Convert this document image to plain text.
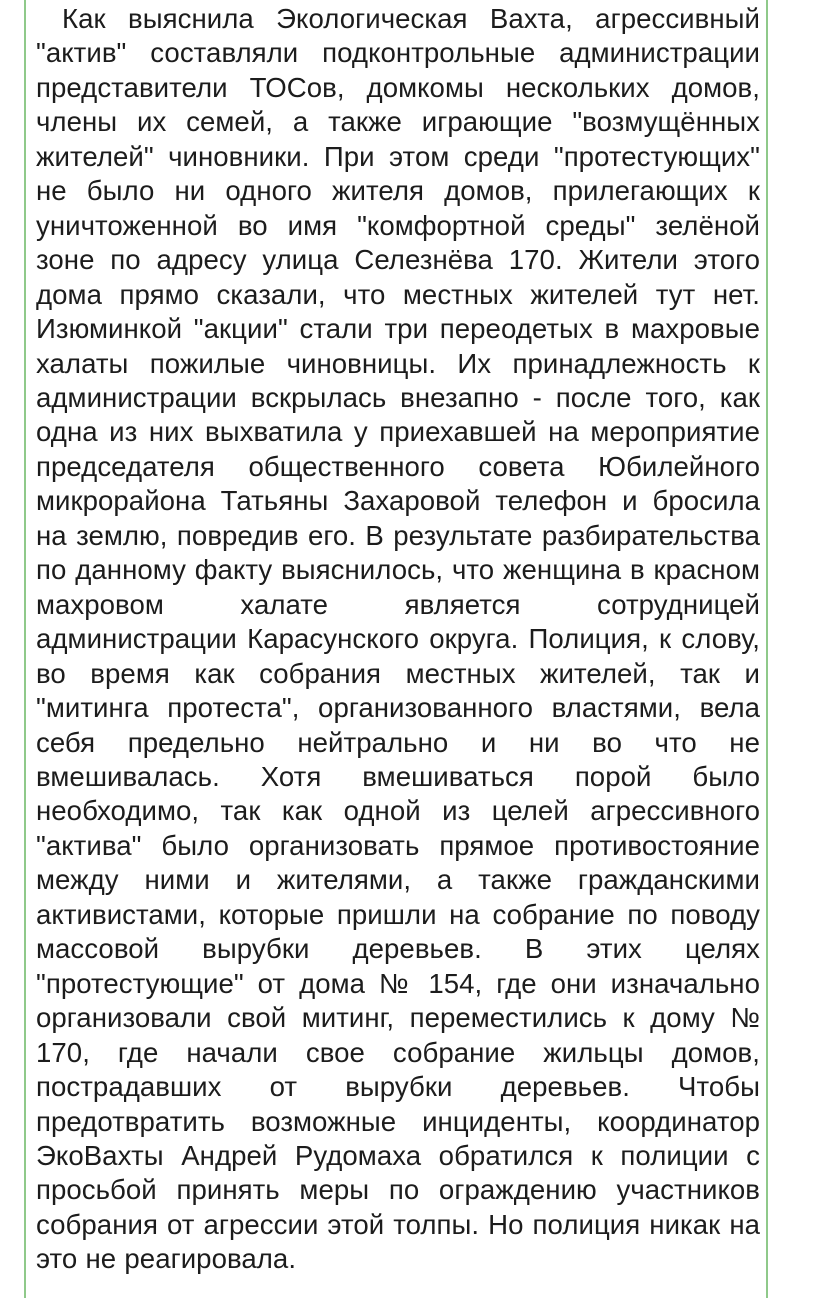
Как выяснила Экологическая Вахта, агрессивный "актив" составляли подконтрольные администрации представители ТОСов, домкомы нескольких домов, члены их семей, а также играющие "возмущённых жителей" чиновники. При этом среди "протестующих" не было ни одного жителя домов, прилегающих к уничтоженной во имя "комфортной среды" зелёной зоне по адресу улица Селезнёва 170. Жители этого дома прямо сказали, что местных жителей тут нет. Изюминкой "акции" стали три переодетых в махровые халаты пожилые чиновницы. Их принадлежность к администрации вскрылась внезапно - после того, как одна из них выхватила у приехавшей на мероприятие председателя общественного совета Юбилейного микрорайона Татьяны Захаровой телефон и бросила на землю, повредив его. В результате разбирательства по данному факту выяснилось, что женщина в красном махровом халате является сотрудницей администрации Карасунского округа. Полиция, к слову, во время как собрания местных жителей, так и "митинга протеста", организованного властями, вела себя предельно нейтрально и ни во что не вмешивалась. Хотя вмешиваться порой было необходимо, так как одной из целей агрессивного "актива" было организовать прямое противостояние между ними и жителями, а также гражданскими активистами, которые пришли на собрание по поводу массовой вырубки деревьев. В этих целях "протестующие" от дома № 154, где они изначально организовали свой митинг, переместились к дому № 170, где начали свое собрание жильцы домов, пострадавших от вырубки деревьев. Чтобы предотвратить возможные инциденты, координатор ЭкоВахты Андрей Рудомаха обратился к полиции с просьбой принять меры по ограждению участников собрания от агрессии этой толпы. Но полиция никак на это не реагировала.
